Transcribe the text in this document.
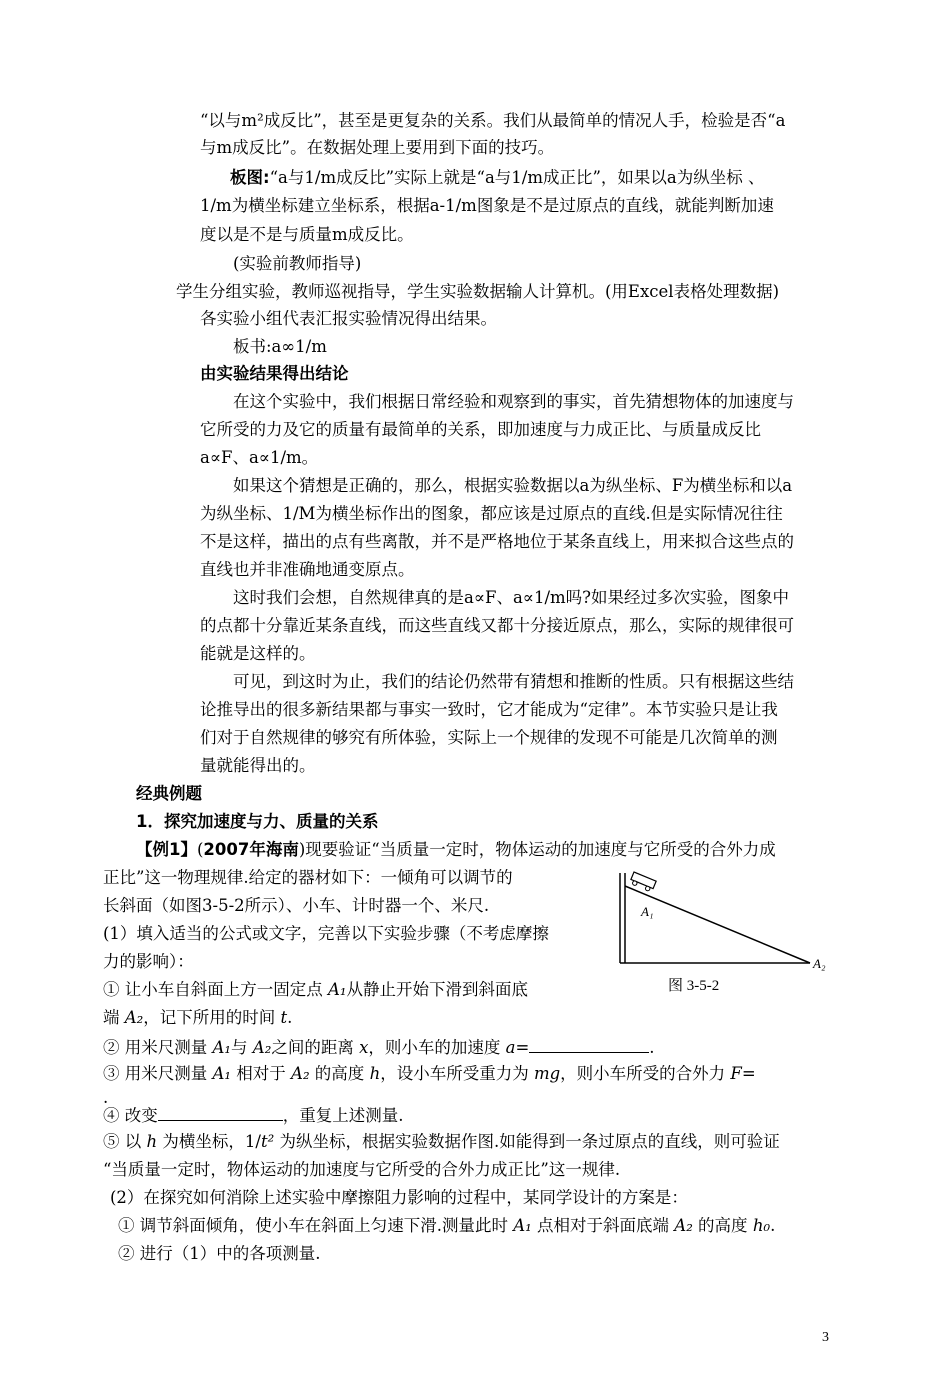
“以与m²成反比”，甚至是更复杂的关系。我们从最简单的情况人手，检验是否“a
与m成反比”。在数据处理上要用到下面的技巧。
板图:“a与1/m成反比”实际上就是“a与1/m成正比”，如果以a为纵坐标 、
1/m为横坐标建立坐标系，根据a-1/m图象是不是过原点的直线，就能判断加速
度以是不是与质量m成反比。
(实验前教师指导)
学生分组实验，教师巡视指导，学生实验数据输人计算机。(用Excel表格处理数据)
各实验小组代表汇报实验情况得出结果。
板书:a∞1/m
由实验结果得出结论
在这个实验中，我们根据日常经验和观察到的事实，首先猜想物体的加速度与
它所受的力及它的质量有最简单的关系，即加速度与力成正比、与质量成反比
a∝F、a∝1/m。
如果这个猜想是正确的，那么，根据实验数据以a为纵坐标、F为横坐标和以a
为纵坐标、1/M为横坐标作出的图象，都应该是过原点的直线.但是实际情况往往
不是这样，描出的点有些离散，并不是严格地位于某条直线上，用来拟合这些点的
直线也并非准确地通变原点。
这时我们会想，自然规律真的是a∝F、a∝1/m吗?如果经过多次实验，图象中
的点都十分靠近某条直线，而这些直线又都十分接近原点，那么，实际的规律很可
能就是这样的。
可见，到这时为止，我们的结论仍然带有猜想和推断的性质。只有根据这些结
论推导出的很多新结果都与事实一致时，它才能成为“定律”。本节实验只是让我
们对于自然规律的够究有所体验，实际上一个规律的发现不可能是几次简单的测
量就能得出的。
经典例题
1．探究加速度与力、质量的关系
【例1】(2007年海南)现要验证“当质量一定时，物体运动的加速度与它所受的合外力成
正比”这一物理规律.给定的器材如下：一倾角可以调节的
长斜面（如图3-5-2所示）、小车、计时器一个、米尺.
(1）填入适当的公式或文字，完善以下实验步骤（不考虑摩擦
力的影响）：
① 让小车自斜面上方一固定点 A₁从静止开始下滑到斜面底
端 A₂，记下所用的时间 t.
② 用米尺测量 A₁与 A₂之间的距离 x，则小车的加速度 a=	.
③ 用米尺测量 A₁ 相对于 A₂ 的高度 h，设小车所受重力为 mg，则小车所受的合外力 F=
.
④ 改变	，重复上述测量.
⑤ 以 h 为横坐标，1/t² 为纵坐标，根据实验数据作图.如能得到一条过原点的直线，则可验证
“当质量一定时，物体运动的加速度与它所受的合外力成正比”这一规律.
(2）在探究如何消除上述实验中摩擦阻力影响的过程中，某同学设计的方案是：
① 调节斜面倾角，使小车在斜面上匀速下滑.测量此时 A₁ 点相对于斜面底端 A₂ 的高度 h₀.
② 进行（1）中的各项测量.
A₁
A₂
图 3-5-2
3
